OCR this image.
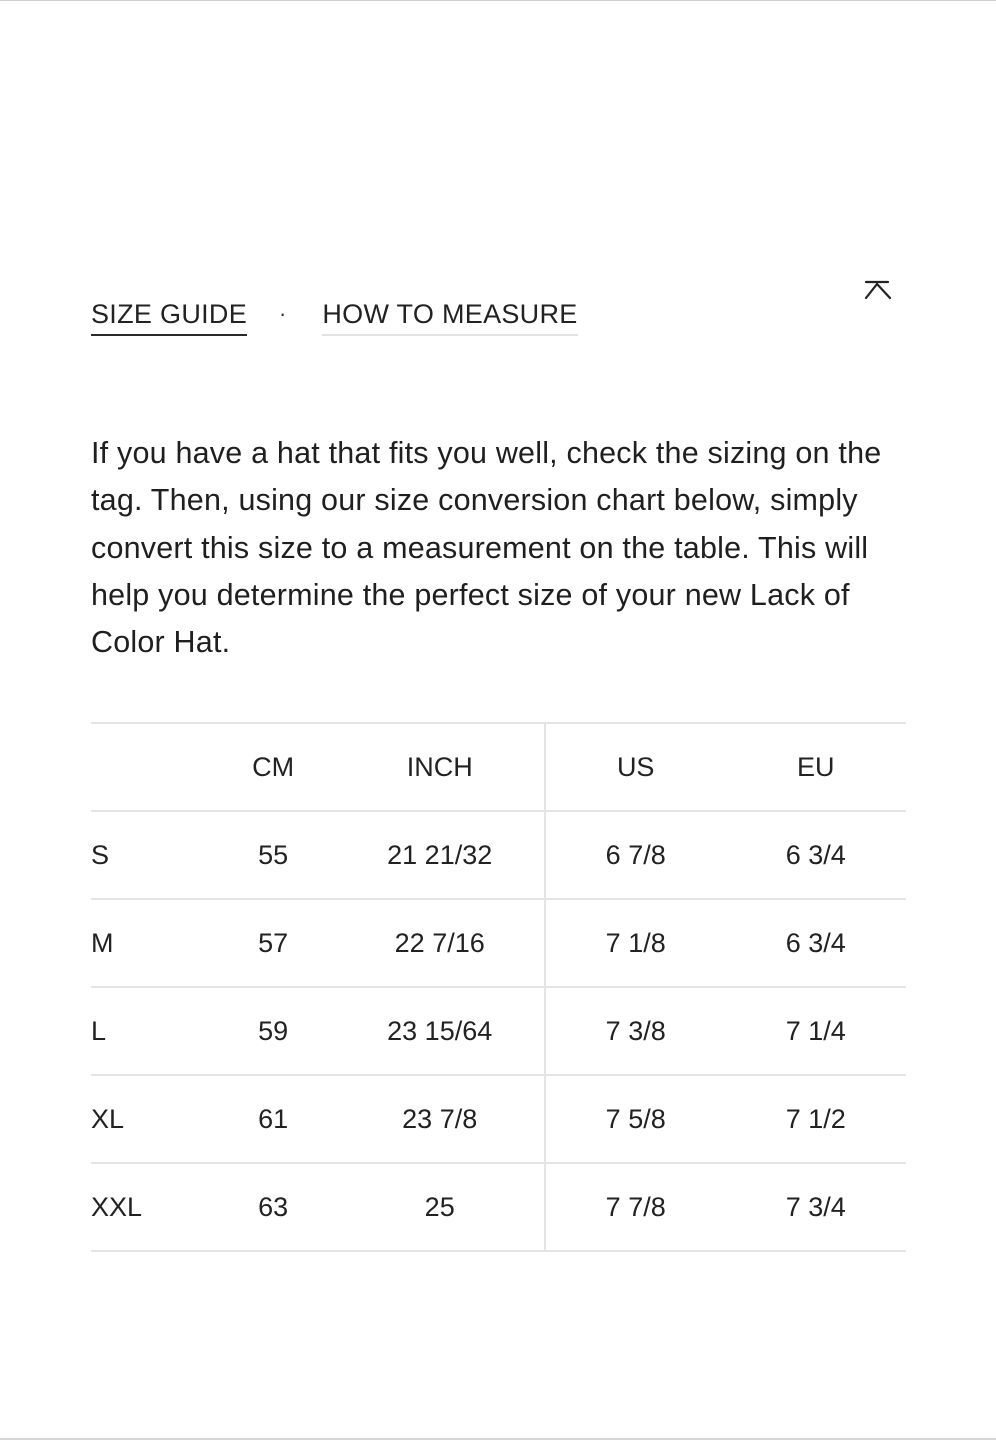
SIZE GUIDE · HOW TO MEASURE

If you have a hat that fits you well, check the sizing on the tag. Then, using our size conversion chart below, simply convert this size to a measurement on the table. This will help you determine the perfect size of your new Lack of Color Hat.

	CM	INCH	US	EU
S	55	21 21/32	6 7/8	6 3/4
M	57	22 7/16	7 1/8	6 3/4
L	59	23 15/64	7 3/8	7 1/4
XL	61	23 7/8	7 5/8	7 1/2
XXL	63	25	7 7/8	7 3/4
